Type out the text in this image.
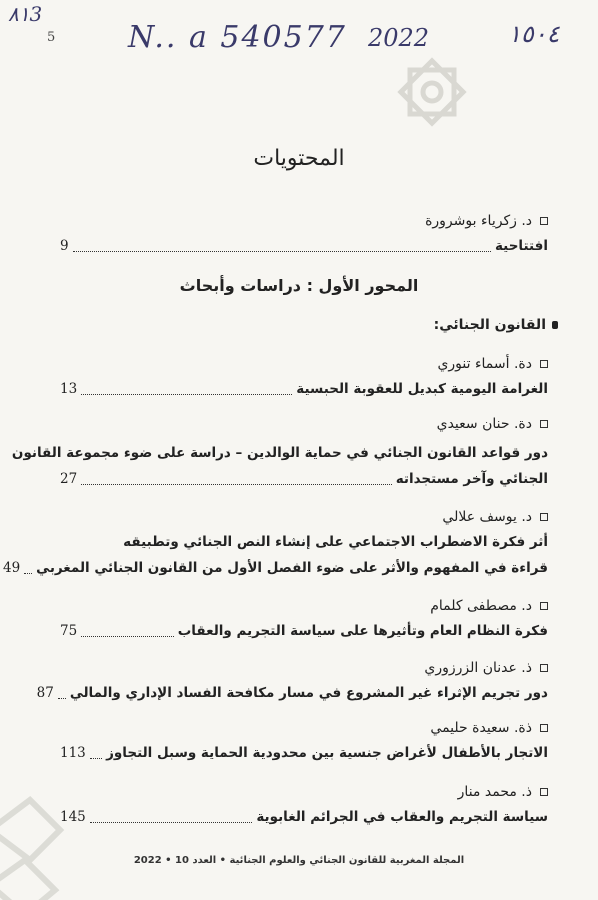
٨١3
5 N.. a 540577 2022	١٥٠٤
المحتويات
د. زكرياء بوشرورة
افتتاحية
9
المحور الأول : دراسات وأبحاث
القانون الجنائي:
دة. أسماء تنوري
الغرامة اليومية كبديل للعقوبة الحبسية
13
دة. حنان سعيدي
دور قواعد القانون الجنائي في حماية الوالدين – دراسة على ضوء مجموعة القانون
الجنائي وآخر مستجداته
27
د. يوسف علالي
أثر فكرة الاضطراب الاجتماعي على إنشاء النص الجنائي وتطبيقه
قراءة في المفهوم والأثر على ضوء الفصل الأول من القانون الجنائي المغربي
49
د. مصطفى كلمام
فكرة النظام العام وتأثيرها على سياسة التجريم والعقاب
75
ذ. عدنان الزرزوري
دور تجريم الإثراء غير المشروع في مسار مكافحة الفساد الإداري والمالي
87
ذة. سعيدة حليمي
الاتجار بالأطفال لأغراض جنسية بين محدودية الحماية وسبل التجاوز
113
ذ. محمد منار
سياسة التجريم والعقاب في الجرائم الغابوية
145
المجلة المغربية للقانون الجنائي والعلوم الجنائية • العدد 10 • 2022
